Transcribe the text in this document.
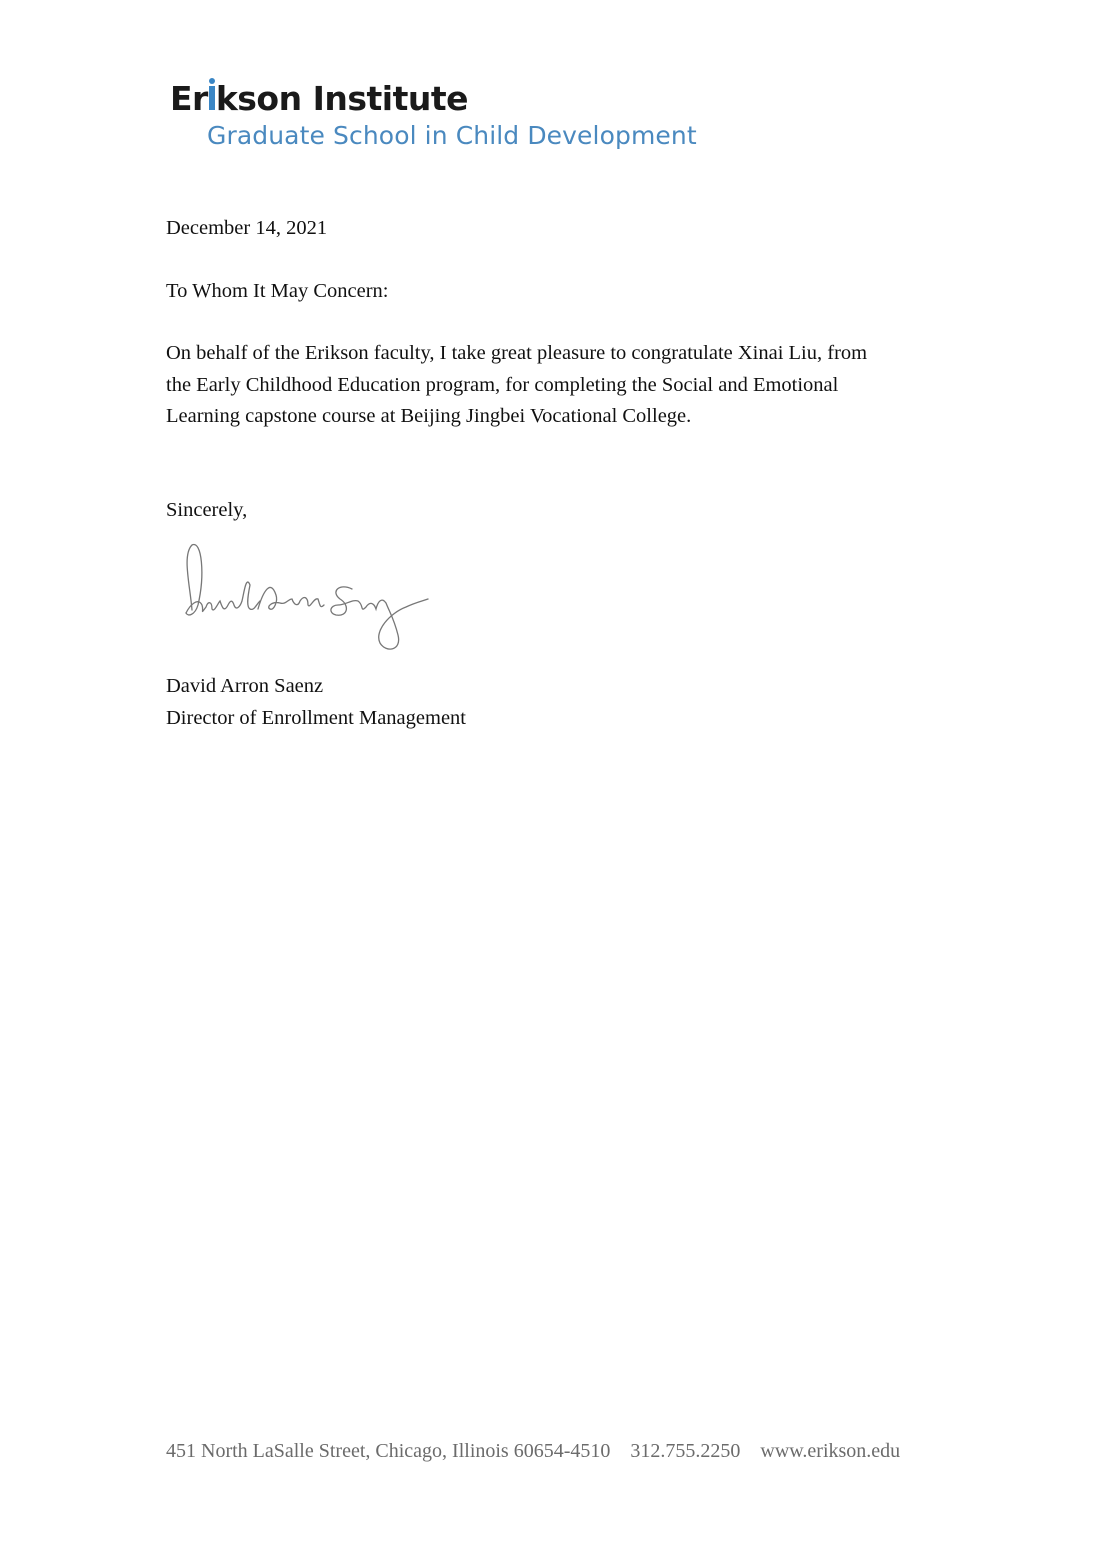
Er kson Institute
Graduate School in Child Development
December 14, 2021
To Whom It May Concern:
On behalf of the Erikson faculty, I take great pleasure to congratulate Xinai Liu, from
the Early Childhood Education program, for completing the Social and Emotional
Learning capstone course at Beijing Jingbei Vocational College.
Sincerely,
David Arron Saenz
Director of Enrollment Management
451 North LaSalle Street, Chicago, Illinois 60654-4510 312.755.2250 www.erikson.edu
